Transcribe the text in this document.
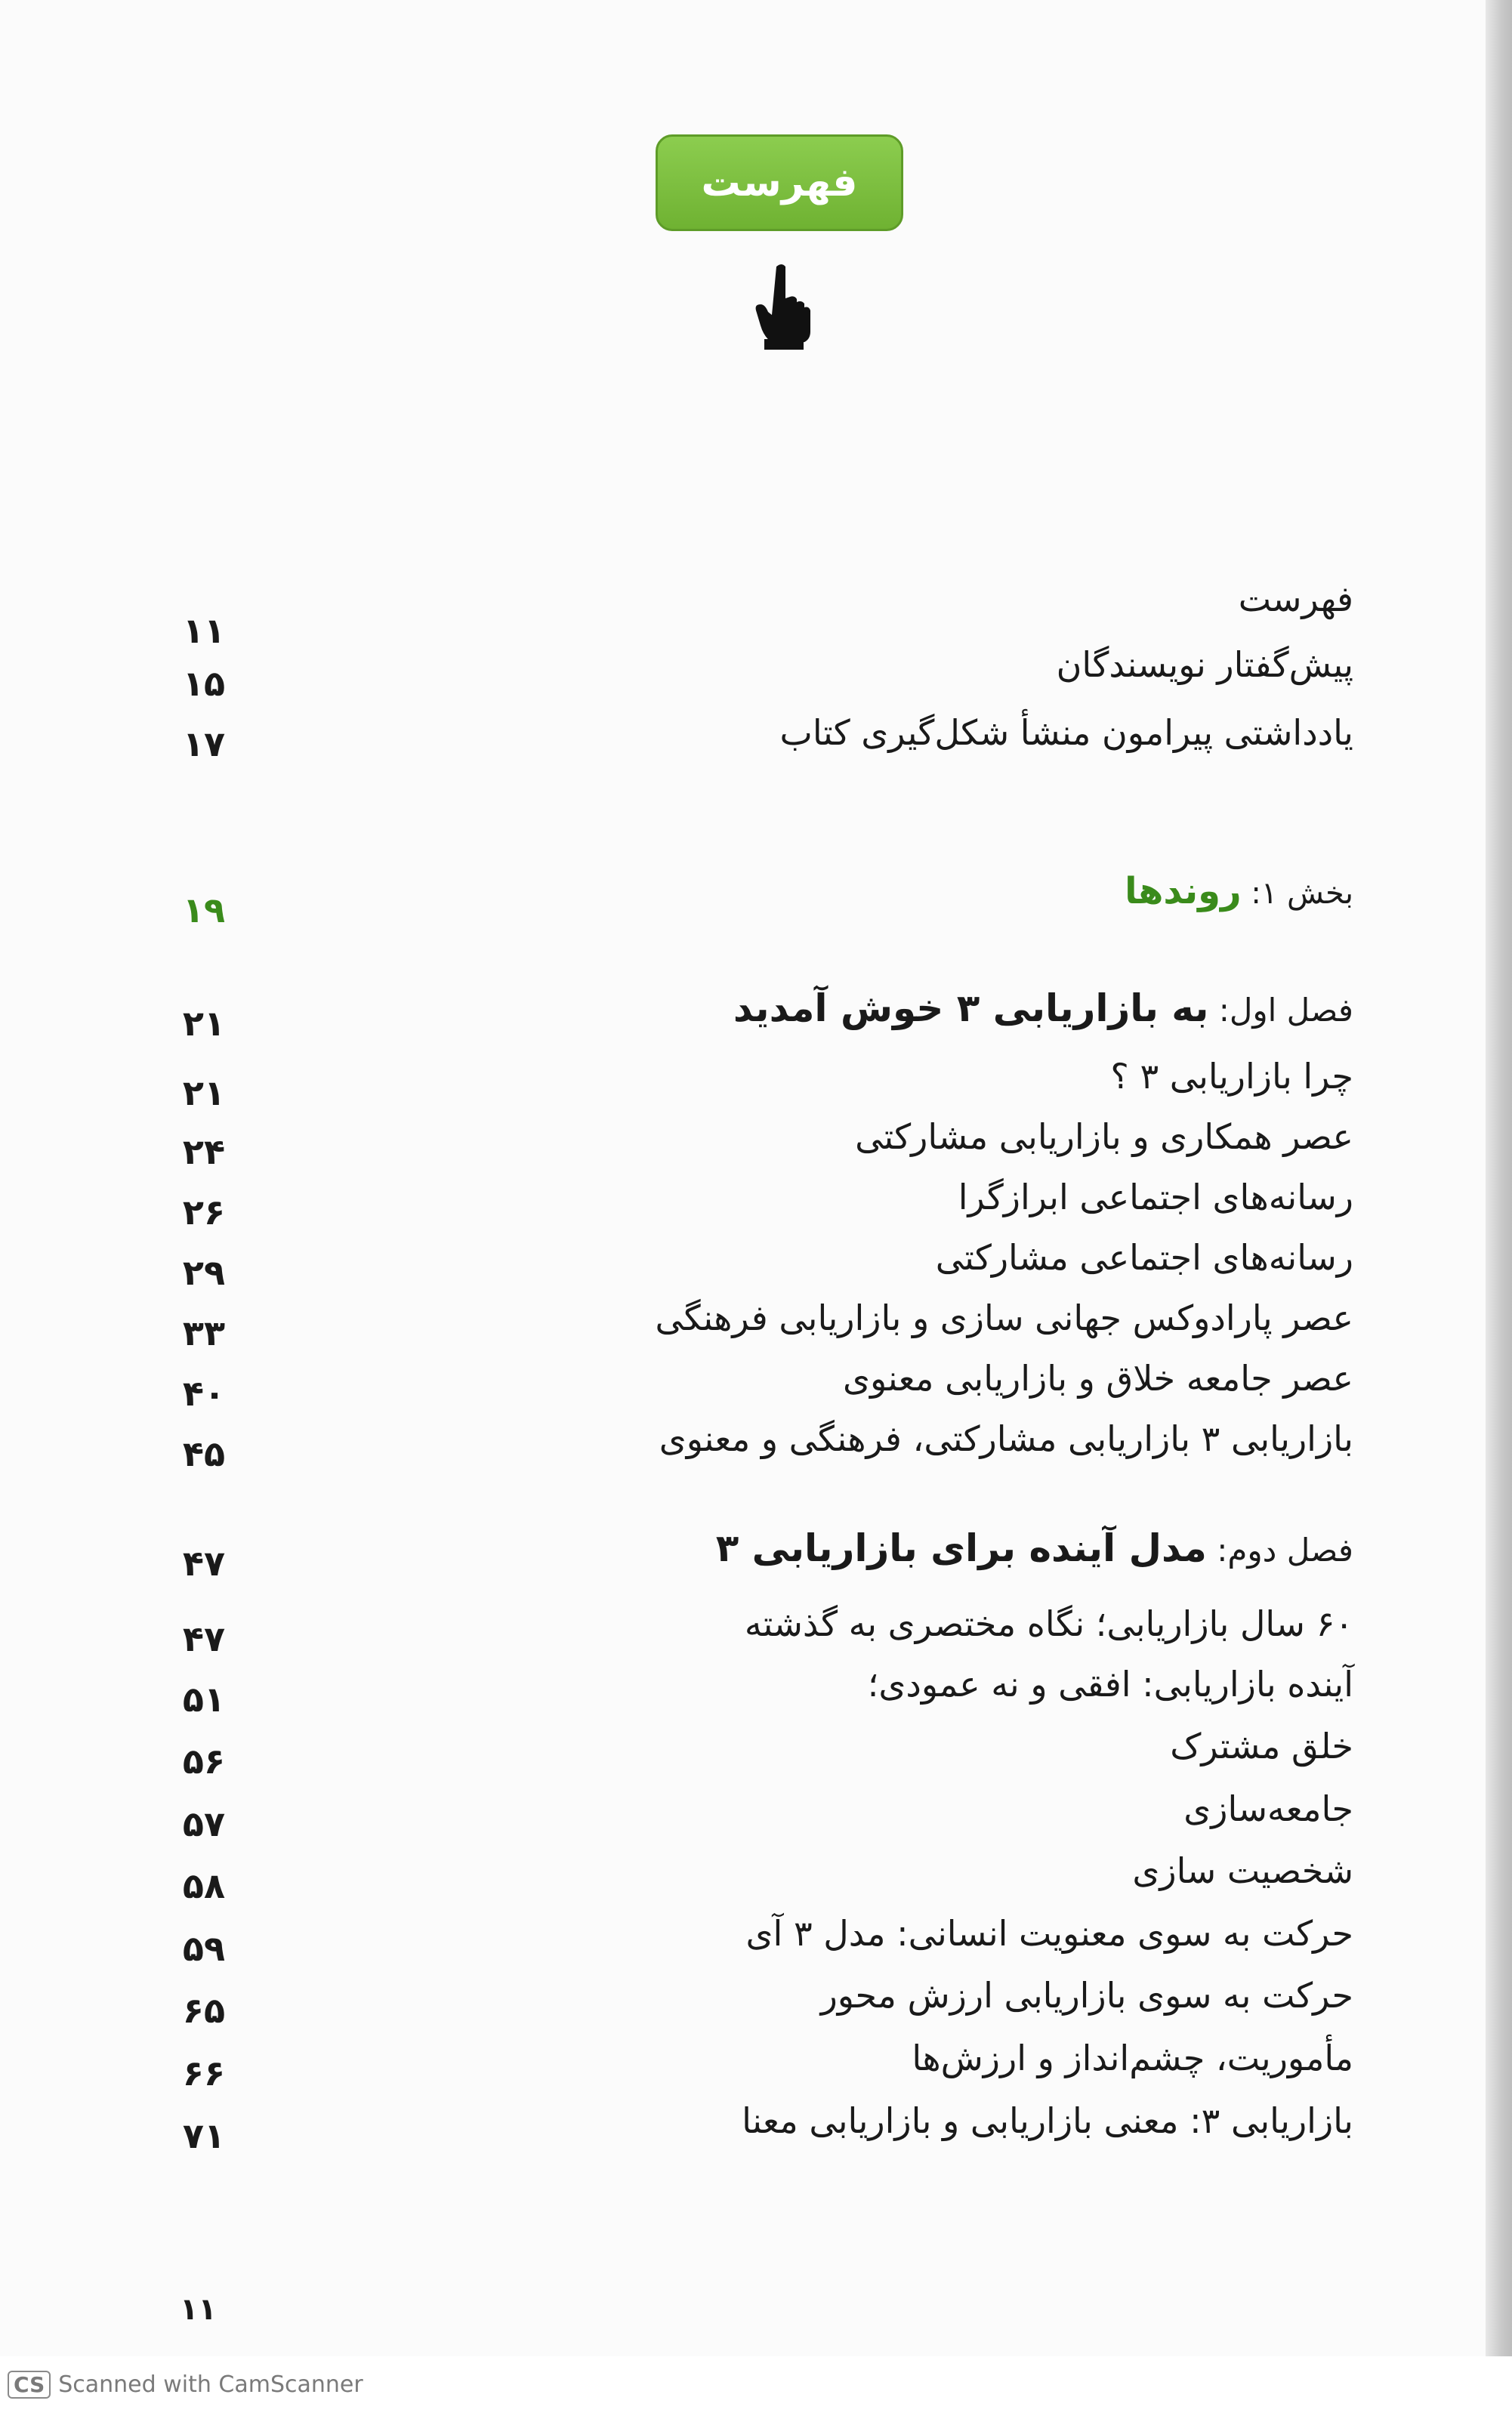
فهرست
فهرست
۱۱
پیش‌گفتار نویسندگان
۱۵
یادداشتی پیرامون منشأ شکل‌گیری کتاب
۱۷
بخش ۱: روندها
۱۹
فصل اول: به بازاریابی ۳ خوش آمدید
۲۱
چرا بازاریابی ۳ ؟
۲۱
عصر همکاری و بازاریابی مشارکتی
۲۴
رسانه‌های اجتماعی ابرازگرا
۲۶
رسانه‌های اجتماعی مشارکتی
۲۹
عصر پارادوکس جهانی سازی و بازاریابی فرهنگی
۳۳
عصر جامعه خلاق و بازاریابی معنوی
۴۰
بازاریابی ۳ بازاریابی مشارکتی، فرهنگی و معنوی
۴۵
فصل دوم: مدل آینده برای بازاریابی ۳
۴۷
۶۰ سال بازاریابی؛ نگاه مختصری به گذشته
۴۷
آینده بازاریابی: افقی و نه عمودی؛
۵۱
خلق مشترک
۵۶
جامعه‌سازی
۵۷
شخصیت سازی
۵۸
حرکت به سوی معنویت انسانی: مدل ۳ آی
۵۹
حرکت به سوی بازاریابی ارزش محور
۶۵
مأموریت، چشم‌انداز و ارزش‌ها
۶۶
بازاریابی ۳: معنی بازاریابی و بازاریابی معنا
۷۱
۱۱
CS Scanned with CamScanner
